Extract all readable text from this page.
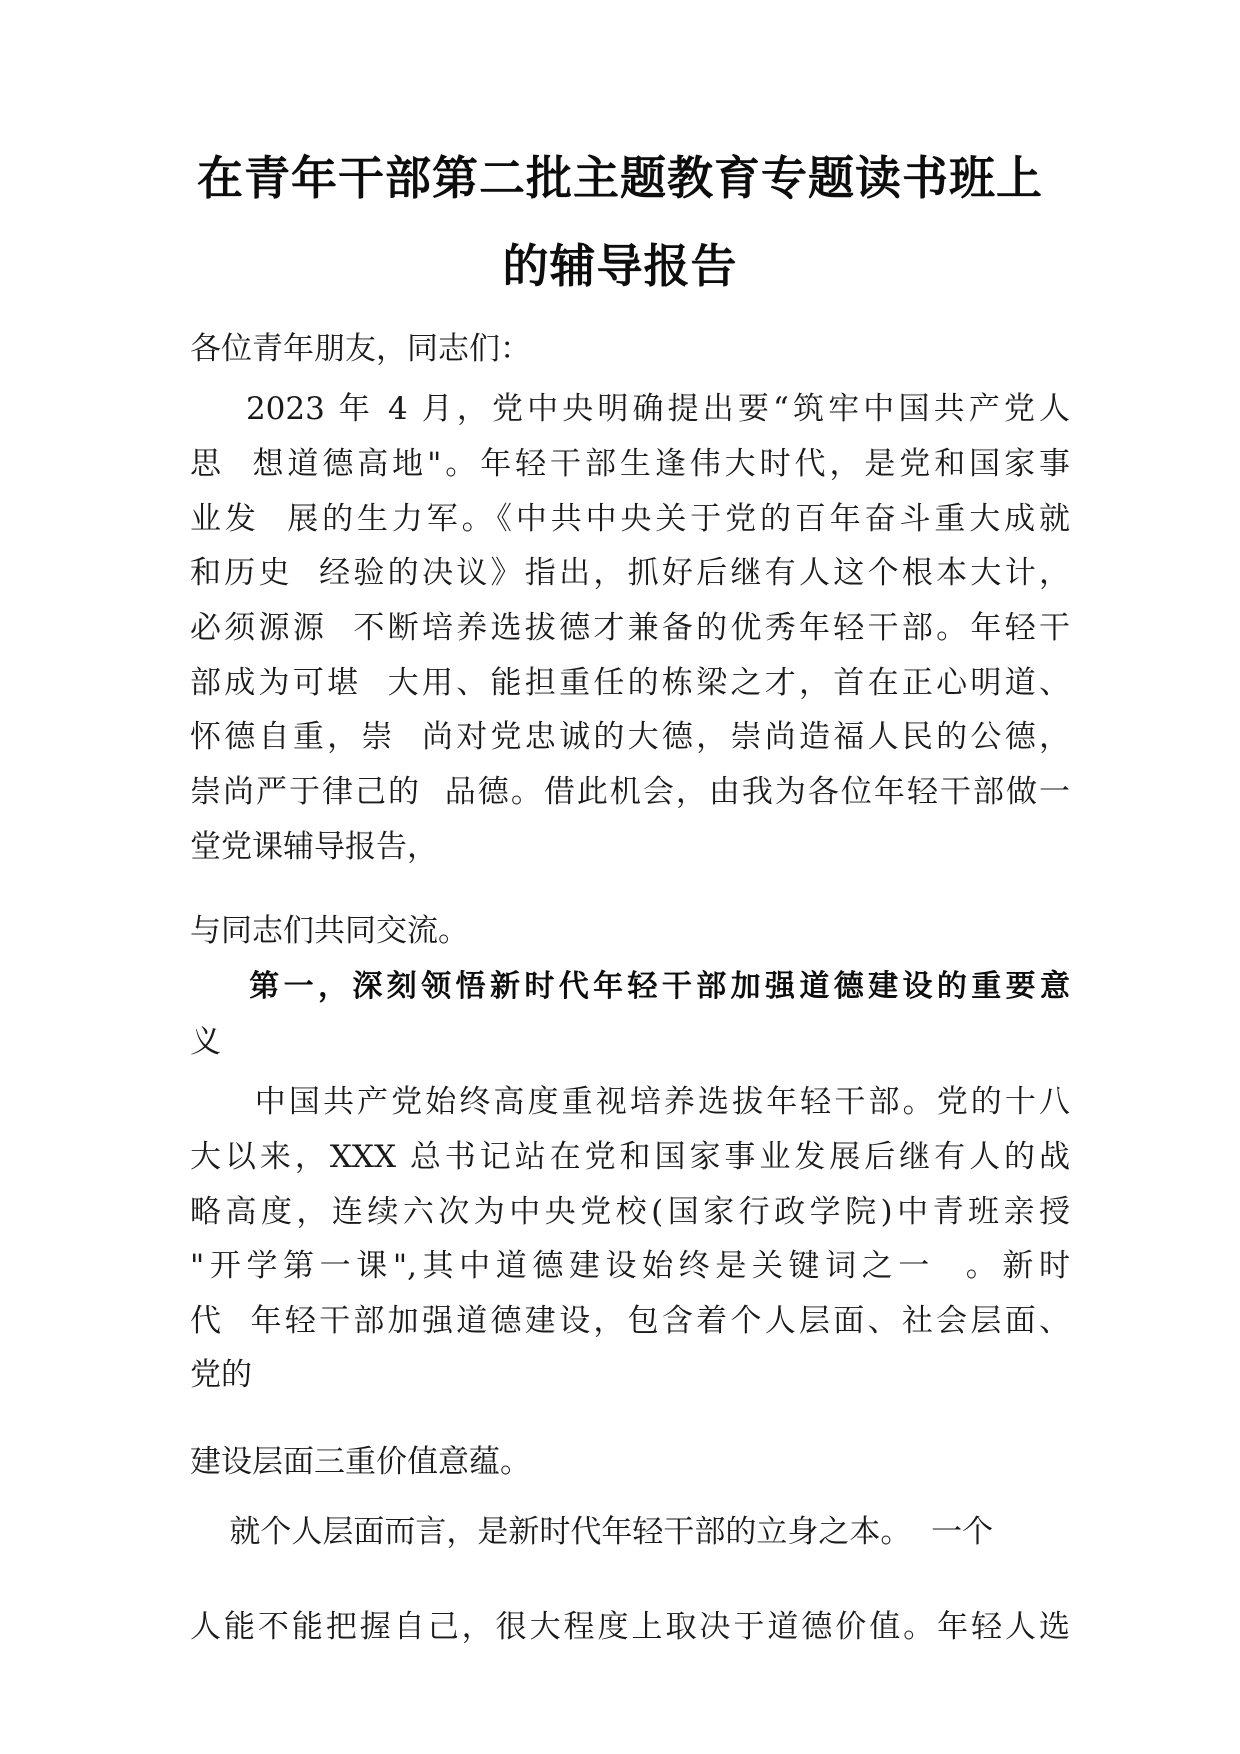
在青年干部第二批主题教育专题读书班上
的辅导报告
各位青年朋友，同志们：
2023 年 4 月，党中央明确提出要“筑牢中国共产党人
思  想道德高地"。年轻干部生逢伟大时代，是党和国家事
业发  展的生力军。《中共中央关于党的百年奋斗重大成就
和历史  经验的决议》指出，抓好后继有人这个根本大计，
必须源源  不断培养选拔德才兼备的优秀年轻干部。年轻干
部成为可堪  大用、能担重任的栋梁之才，首在正心明道、
怀德自重，崇  尚对党忠诚的大德，崇尚造福人民的公德，
崇尚严于律己的  品德。借此机会，由我为各位年轻干部做一
堂党课辅导报告，
与同志们共同交流。
第一，深刻领悟新时代年轻干部加强道德建设的重要意
义
中国共产党始终高度重视培养选拔年轻干部。党的十八
大以来，XXX 总书记站在党和国家事业发展后继有人的战
略高度，连续六次为中央党校(国家行政学院)中青班亲授
"开学第一课",其中道德建设始终是关键词之一  。新时
代  年轻干部加强道德建设，包含着个人层面、社会层面、
党的
建设层面三重价值意蕴。
就个人层面而言，是新时代年轻干部的立身之本。  一个
人能不能把握自己，很大程度上取决于道德价值。年轻人选
